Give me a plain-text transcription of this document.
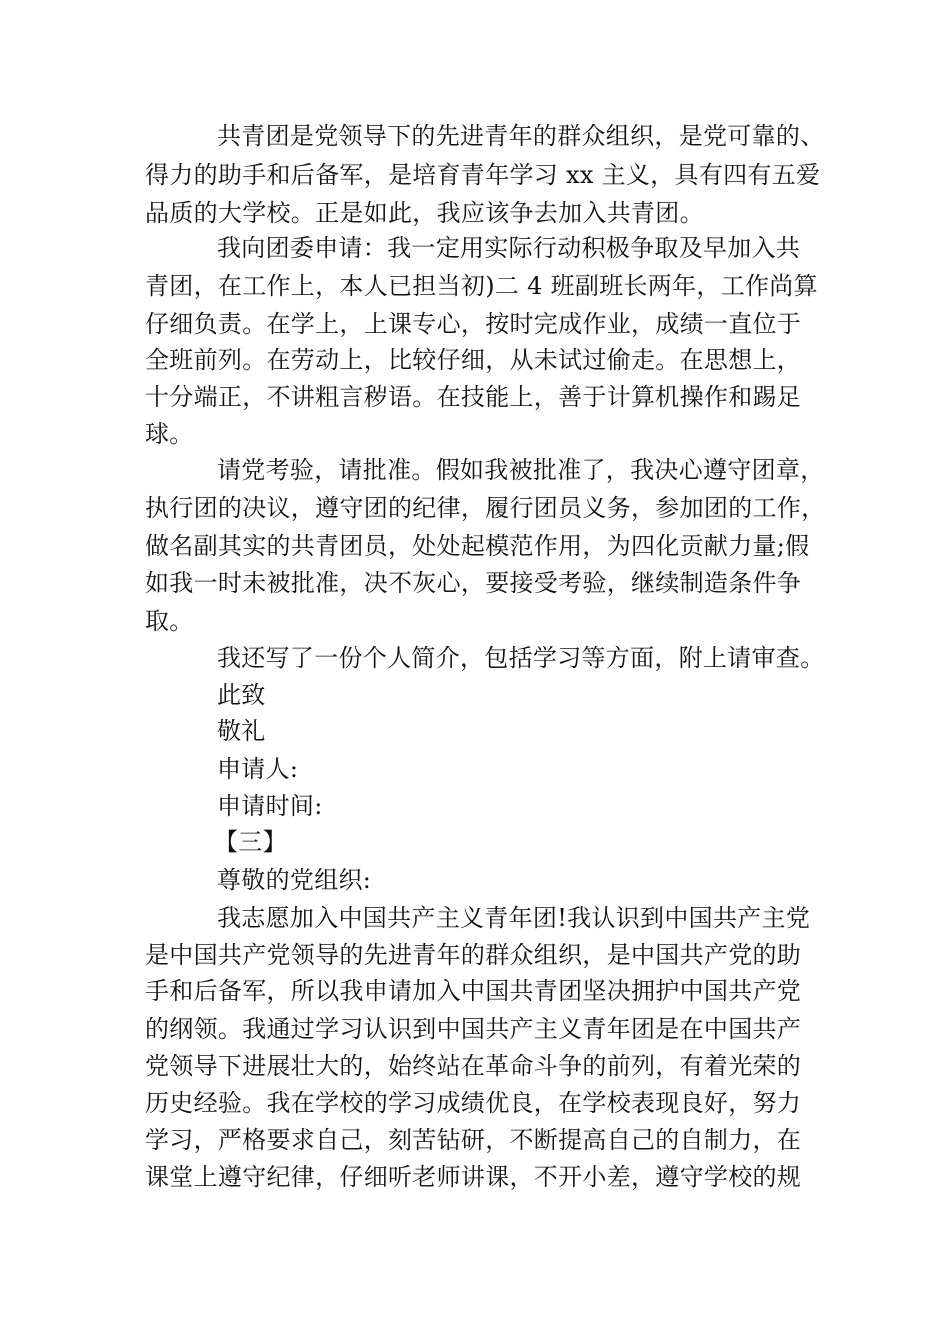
共青团是党领导下的先进青年的群众组织，是党可靠的、
得力的助手和后备军，是培育青年学习 xx 主义，具有四有五爱
品质的大学校。正是如此，我应该争去加入共青团。
我向团委申请：我一定用实际行动积极争取及早加入共
青团，在工作上，本人已担当初)二 4 班副班长两年，工作尚算
仔细负责。在学上，上课专心，按时完成作业，成绩一直位于
全班前列。在劳动上，比较仔细，从未试过偷走。在思想上，
十分端正，不讲粗言秽语。在技能上，善于计算机操作和踢足
球。
请党考验，请批准。假如我被批准了，我决心遵守团章，
执行团的决议，遵守团的纪律，履行团员义务，参加团的工作，
做名副其实的共青团员，处处起模范作用，为四化贡献力量;假
如我一时未被批准，决不灰心，要接受考验，继续制造条件争
取。
我还写了一份个人简介，包括学习等方面，附上请审查。
此致
敬礼
申请人:
申请时间:
【三】
尊敬的党组织:
我志愿加入中国共产主义青年团!我认识到中国共产主党
是中国共产党领导的先进青年的群众组织，是中国共产党的助
手和后备军，所以我申请加入中国共青团坚决拥护中国共产党
的纲领。我通过学习认识到中国共产主义青年团是在中国共产
党领导下进展壮大的，始终站在革命斗争的前列，有着光荣的
历史经验。我在学校的学习成绩优良，在学校表现良好，努力
学习，严格要求自己，刻苦钻研，不断提高自己的自制力，在
课堂上遵守纪律，仔细听老师讲课，不开小差，遵守学校的规
